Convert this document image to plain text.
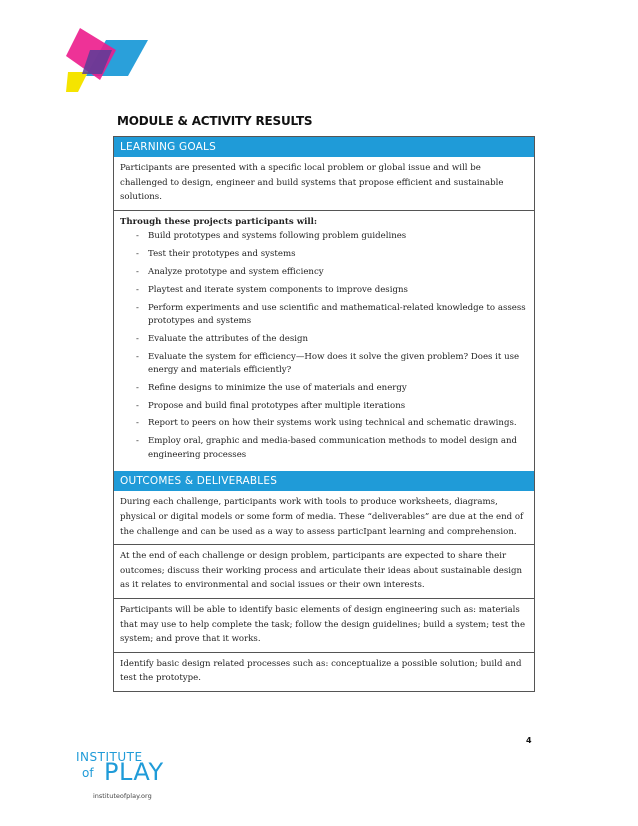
MODULE & ACTIVITY RESULTS
LEARNING GOALS
Participants are presented with a specific local problem or global issue and will be challenged to design, engineer and build systems that propose efficient and sustainable solutions.
Through these projects participants will:
- Build prototypes and systems following problem guidelines
- Test their prototypes and systems
- Analyze prototype and system efficiency
- Playtest and iterate system components to improve designs
- Perform experiments and use scientific and mathematical-related knowledge to assess prototypes and systems
- Evaluate the attributes of the design
- Evaluate the system for efficiency—How does it solve the given problem? Does it use energy and materials efficiently?
- Refine designs to minimize the use of materials and energy
- Propose and build final prototypes after multiple iterations
- Report to peers on how their systems work using technical and schematic drawings.
- Employ oral, graphic and media-based communication methods to model design and engineering processes
OUTCOMES & DELIVERABLES
During each challenge, participants work with tools to produce worksheets, diagrams, physical or digital models or some form of media. These “deliverables” are due at the end of the challenge and can be used as a way to assess particIpant learning and comprehension.
At the end of each challenge or design problem, participants are expected to share their outcomes; discuss their working process and articulate their ideas about sustainable design as it relates to environmental and social issues or their own interests.
Participants will be able to identify basic elements of design engineering such as: materials that may use to help complete the task; follow the design guidelines; build a system; test the system; and prove that it works.
Identify basic design related processes such as: conceptualize a possible solution; build and test the prototype.
4
INSTITUTE
of PLAY
instituteofplay.org
